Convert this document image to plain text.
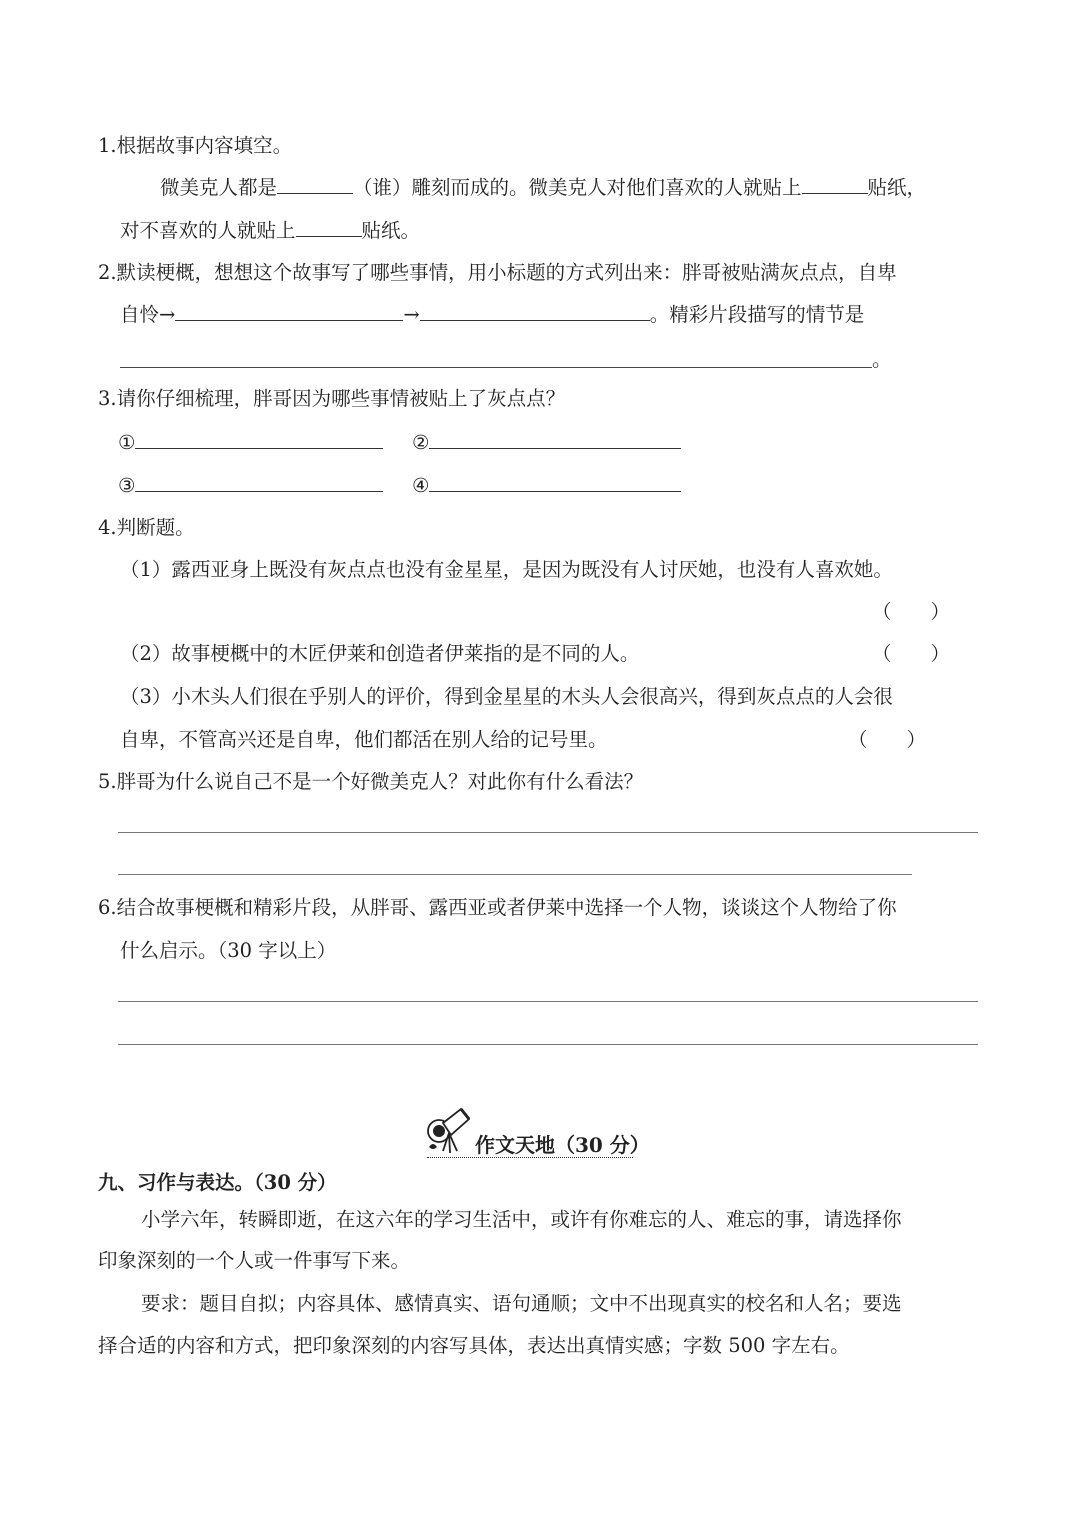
1.根据故事内容填空。
微美克人都是	（谁）雕刻而成的。微美克人对他们喜欢的人就贴上	贴纸，
对不喜欢的人就贴上	贴纸。
2.默读梗概，想想这个故事写了哪些事情，用小标题的方式列出来：胖哥被贴满灰点点，自卑
自怜→	→	。精彩片段描写的情节是
。
3.请你仔细梳理，胖哥因为哪些事情被贴上了灰点点？
①	②
③	④
4.判断题。
（1）露西亚身上既没有灰点点也没有金星星，是因为既没有人讨厌她，也没有人喜欢她。
（　　）
（2）故事梗概中的木匠伊莱和创造者伊莱指的是不同的人。	（　　）
（3）小木头人们很在乎别人的评价，得到金星星的木头人会很高兴，得到灰点点的人会很
自卑，不管高兴还是自卑，他们都活在别人给的记号里。	（　　）
5.胖哥为什么说自己不是一个好微美克人？对此你有什么看法？
6.结合故事梗概和精彩片段，从胖哥、露西亚或者伊莱中选择一个人物，谈谈这个人物给了你
什么启示。（30 字以上）
作文天地（30 分）
九、习作与表达。（30 分）
小学六年，转瞬即逝，在这六年的学习生活中，或许有你难忘的人、难忘的事，请选择你
印象深刻的一个人或一件事写下来。
要求：题目自拟；内容具体、感情真实、语句通顺；文中不出现真实的校名和人名；要选
择合适的内容和方式，把印象深刻的内容写具体，表达出真情实感；字数 500 字左右。
